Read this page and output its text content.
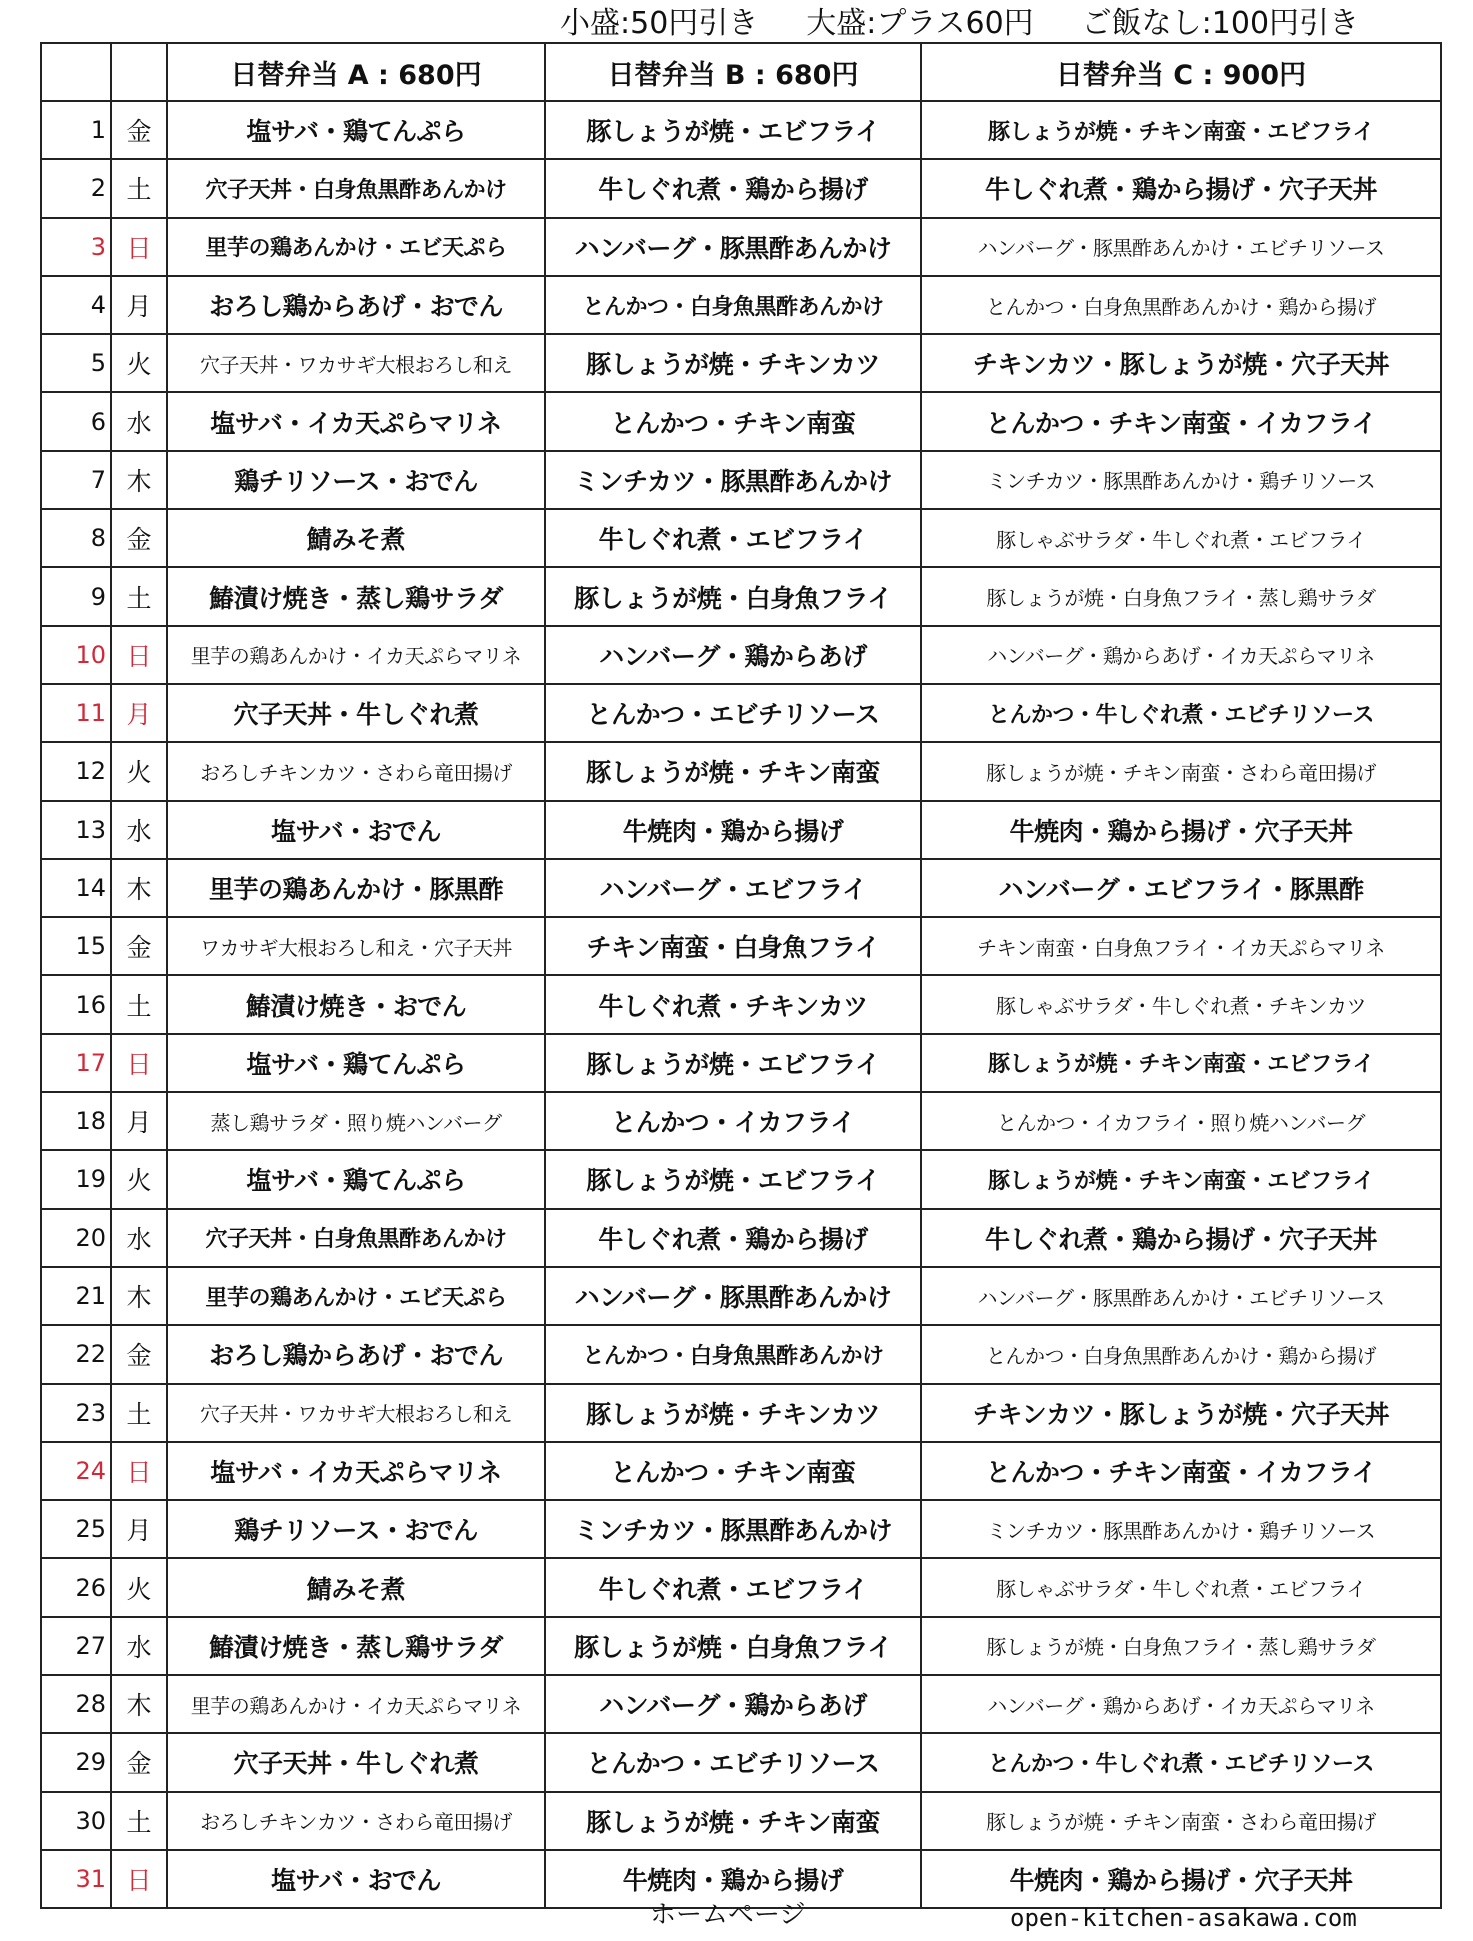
小盛:50円引き 大盛:プラス60円 ご飯なし:100円引き
		日替弁当 A : 680円	日替弁当 B : 680円	日替弁当 C : 900円
1	金	塩サバ・鶏てんぷら	豚しょうが焼・エビフライ	豚しょうが焼・チキン南蛮・エビフライ
2	土	穴子天丼・白身魚黒酢あんかけ	牛しぐれ煮・鶏から揚げ	牛しぐれ煮・鶏から揚げ・穴子天丼
3	日	里芋の鶏あんかけ・エビ天ぷら	ハンバーグ・豚黒酢あんかけ	ハンバーグ・豚黒酢あんかけ・エビチリソース
4	月	おろし鶏からあげ・おでん	とんかつ・白身魚黒酢あんかけ	とんかつ・白身魚黒酢あんかけ・鶏から揚げ
5	火	穴子天丼・ワカサギ大根おろし和え	豚しょうが焼・チキンカツ	チキンカツ・豚しょうが焼・穴子天丼
6	水	塩サバ・イカ天ぷらマリネ	とんかつ・チキン南蛮	とんかつ・チキン南蛮・イカフライ
7	木	鶏チリソース・おでん	ミンチカツ・豚黒酢あんかけ	ミンチカツ・豚黒酢あんかけ・鶏チリソース
8	金	鯖みそ煮	牛しぐれ煮・エビフライ	豚しゃぶサラダ・牛しぐれ煮・エビフライ
9	土	鰆漬け焼き・蒸し鶏サラダ	豚しょうが焼・白身魚フライ	豚しょうが焼・白身魚フライ・蒸し鶏サラダ
10	日	里芋の鶏あんかけ・イカ天ぷらマリネ	ハンバーグ・鶏からあげ	ハンバーグ・鶏からあげ・イカ天ぷらマリネ
11	月	穴子天丼・牛しぐれ煮	とんかつ・エビチリソース	とんかつ・牛しぐれ煮・エビチリソース
12	火	おろしチキンカツ・さわら竜田揚げ	豚しょうが焼・チキン南蛮	豚しょうが焼・チキン南蛮・さわら竜田揚げ
13	水	塩サバ・おでん	牛焼肉・鶏から揚げ	牛焼肉・鶏から揚げ・穴子天丼
14	木	里芋の鶏あんかけ・豚黒酢	ハンバーグ・エビフライ	ハンバーグ・エビフライ・豚黒酢
15	金	ワカサギ大根おろし和え・穴子天丼	チキン南蛮・白身魚フライ	チキン南蛮・白身魚フライ・イカ天ぷらマリネ
16	土	鰆漬け焼き・おでん	牛しぐれ煮・チキンカツ	豚しゃぶサラダ・牛しぐれ煮・チキンカツ
17	日	塩サバ・鶏てんぷら	豚しょうが焼・エビフライ	豚しょうが焼・チキン南蛮・エビフライ
18	月	蒸し鶏サラダ・照り焼ハンバーグ	とんかつ・イカフライ	とんかつ・イカフライ・照り焼ハンバーグ
19	火	塩サバ・鶏てんぷら	豚しょうが焼・エビフライ	豚しょうが焼・チキン南蛮・エビフライ
20	水	穴子天丼・白身魚黒酢あんかけ	牛しぐれ煮・鶏から揚げ	牛しぐれ煮・鶏から揚げ・穴子天丼
21	木	里芋の鶏あんかけ・エビ天ぷら	ハンバーグ・豚黒酢あんかけ	ハンバーグ・豚黒酢あんかけ・エビチリソース
22	金	おろし鶏からあげ・おでん	とんかつ・白身魚黒酢あんかけ	とんかつ・白身魚黒酢あんかけ・鶏から揚げ
23	土	穴子天丼・ワカサギ大根おろし和え	豚しょうが焼・チキンカツ	チキンカツ・豚しょうが焼・穴子天丼
24	日	塩サバ・イカ天ぷらマリネ	とんかつ・チキン南蛮	とんかつ・チキン南蛮・イカフライ
25	月	鶏チリソース・おでん	ミンチカツ・豚黒酢あんかけ	ミンチカツ・豚黒酢あんかけ・鶏チリソース
26	火	鯖みそ煮	牛しぐれ煮・エビフライ	豚しゃぶサラダ・牛しぐれ煮・エビフライ
27	水	鰆漬け焼き・蒸し鶏サラダ	豚しょうが焼・白身魚フライ	豚しょうが焼・白身魚フライ・蒸し鶏サラダ
28	木	里芋の鶏あんかけ・イカ天ぷらマリネ	ハンバーグ・鶏からあげ	ハンバーグ・鶏からあげ・イカ天ぷらマリネ
29	金	穴子天丼・牛しぐれ煮	とんかつ・エビチリソース	とんかつ・牛しぐれ煮・エビチリソース
30	土	おろしチキンカツ・さわら竜田揚げ	豚しょうが焼・チキン南蛮	豚しょうが焼・チキン南蛮・さわら竜田揚げ
31	日	塩サバ・おでん	牛焼肉・鶏から揚げ	牛焼肉・鶏から揚げ・穴子天丼
ホームページ	open-kitchen-asakawa.com
